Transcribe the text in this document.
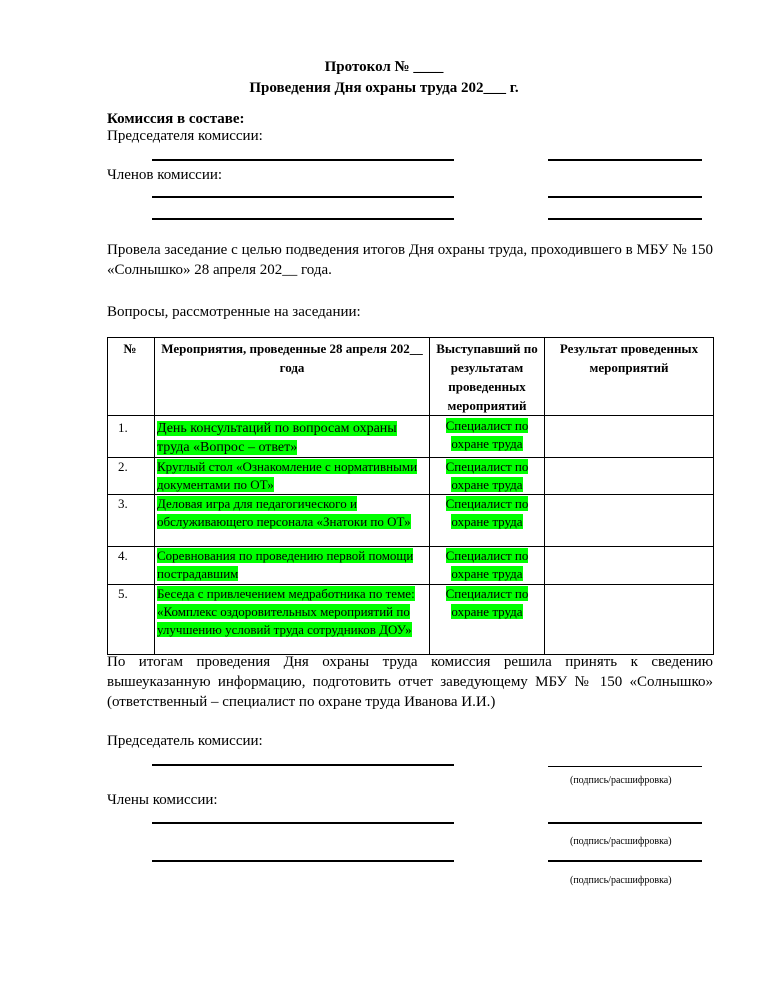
Протокол № ____
Проведения Дня охраны труда 202___ г.
Комиссия в составе:
Председателя комиссии:
Членов комиссии:
Провела заседание с целью подведения итогов Дня охраны труда, проходившего в МБУ № 150 «Солнышко» 28 апреля 202__ года.
Вопросы, рассмотренные на заседании:
№	Мероприятия, проведенные 28 апреля 202__ года	Выступавший по результатам проведенных мероприятий	Результат проведенных мероприятий
1.	День консультаций по вопросам охраны труда «Вопрос – ответ»	Специалист по охране труда	
2.	Круглый стол «Ознакомление с нормативными документами по ОТ»	Специалист по охране труда	
3.	Деловая игра для педагогического и обслуживающего персонала «Знатоки по ОТ»	Специалист по охране труда	
4.	Соревнования по проведению первой помощи пострадавшим	Специалист по охране труда	
5.	Беседа с привлечением медработника по теме: «Комплекс оздоровительных мероприятий по улучшению условий труда сотрудников ДОУ»	Специалист по охране труда	
По итогам проведения Дня охраны труда комиссия решила принять к сведению вышеуказанную информацию, подготовить отчет заведующему МБУ № 150 «Солнышко» (ответственный – специалист по охране труда Иванова И.И.)
Председатель комиссии:
(подпись/расшифровка)
Члены комиссии:
(подпись/расшифровка)
(подпись/расшифровка)
